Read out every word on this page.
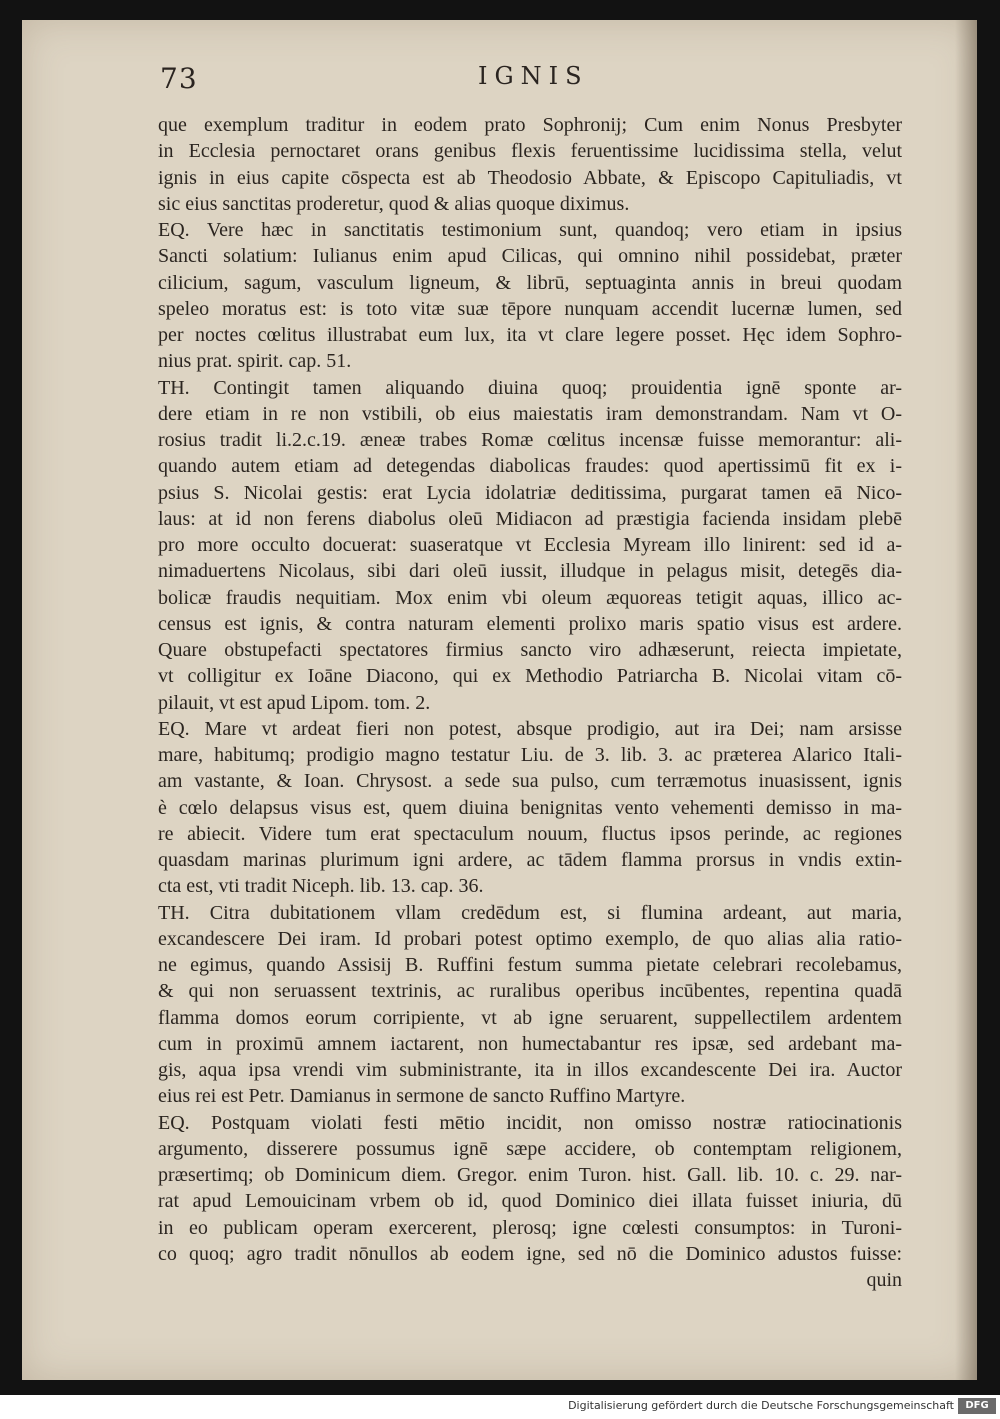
73	IGNIS
que exemplum traditur in eodem prato Sophronij; Cum enim Nonus Presbyter
in Ecclesia pernoctaret orans genibus flexis feruentissime lucidissima stella, velut
ignis in eius capite cōspecta est ab Theodosio Abbate, & Episcopo Capituliadis, vt
sic eius sanctitas proderetur, quod & alias quoque diximus.
EQ. Vere hæc in sanctitatis testimonium sunt, quandoq; vero etiam in ipsius
Sancti solatium: Iulianus enim apud Cilicas, qui omnino nihil possidebat, præter
cilicium, sagum, vasculum ligneum, & librū, septuaginta annis in breui quodam
speleo moratus est: is toto vitæ suæ tēpore nunquam accendit lucernæ lumen, sed
per noctes cœlitus illustrabat eum lux, ita vt clare legere posset. Hęc idem Sophro-
nius prat. spirit. cap. 51.
TH. Contingit tamen aliquando diuina quoq; prouidentia ignē sponte ar-
dere etiam in re non vstibili, ob eius maiestatis iram demonstrandam. Nam vt O-
rosius tradit li.2.c.19. æneæ trabes Romæ cœlitus incensæ fuisse memorantur: ali-
quando autem etiam ad detegendas diabolicas fraudes: quod apertissimū fit ex i-
psius S. Nicolai gestis: erat Lycia idolatriæ deditissima, purgarat tamen eā Nico-
laus: at id non ferens diabolus oleū Midiacon ad præstigia facienda insidam plebē
pro more occulto docuerat: suaseratque vt Ecclesia Myream illo linirent: sed id a-
nimaduertens Nicolaus, sibi dari oleū iussit, illudque in pelagus misit, detegēs dia-
bolicæ fraudis nequitiam. Mox enim vbi oleum æquoreas tetigit aquas, illico ac-
census est ignis, & contra naturam elementi prolixo maris spatio visus est ardere.
Quare obstupefacti spectatores firmius sancto viro adhæserunt, reiecta impietate,
vt colligitur ex Ioāne Diacono, qui ex Methodio Patriarcha B. Nicolai vitam cō-
pilauit, vt est apud Lipom. tom. 2.
EQ. Mare vt ardeat fieri non potest, absque prodigio, aut ira Dei; nam arsisse
mare, habitumq; prodigio magno testatur Liu. de 3. lib. 3. ac præterea Alarico Itali-
am vastante, & Ioan. Chrysost. a sede sua pulso, cum terræmotus inuasissent, ignis
è cœlo delapsus visus est, quem diuina benignitas vento vehementi demisso in ma-
re abiecit. Videre tum erat spectaculum nouum, fluctus ipsos perinde, ac regiones
quasdam marinas plurimum igni ardere, ac tādem flamma prorsus in vndis extin-
cta est, vti tradit Niceph. lib. 13. cap. 36.
TH. Citra dubitationem vllam credēdum est, si flumina ardeant, aut maria,
excandescere Dei iram. Id probari potest optimo exemplo, de quo alias alia ratio-
ne egimus, quando Assisij B. Ruffini festum summa pietate celebrari recolebamus,
& qui non seruassent textrinis, ac ruralibus operibus incūbentes, repentina quadā
flamma domos eorum corripiente, vt ab igne seruarent, suppellectilem ardentem
cum in proximū amnem iactarent, non humectabantur res ipsæ, sed ardebant ma-
gis, aqua ipsa vrendi vim subministrante, ita in illos excandescente Dei ira. Auctor
eius rei est Petr. Damianus in sermone de sancto Ruffino Martyre.
EQ. Postquam violati festi mētio incidit, non omisso nostræ ratiocinationis
argumento, disserere possumus ignē sæpe accidere, ob contemptam religionem,
præsertimq; ob Dominicum diem. Gregor. enim Turon. hist. Gall. lib. 10. c. 29. nar-
rat apud Lemouicinam vrbem ob id, quod Dominico diei illata fuisset iniuria, dū
in eo publicam operam exercerent, plerosq; igne cœlesti consumptos: in Turoni-
co quoq; agro tradit nōnullos ab eodem igne, sed nō die Dominico adustos fuisse:
quin
Digitalisierung gefördert durch die Deutsche Forschungsgemeinschaft	DFG
